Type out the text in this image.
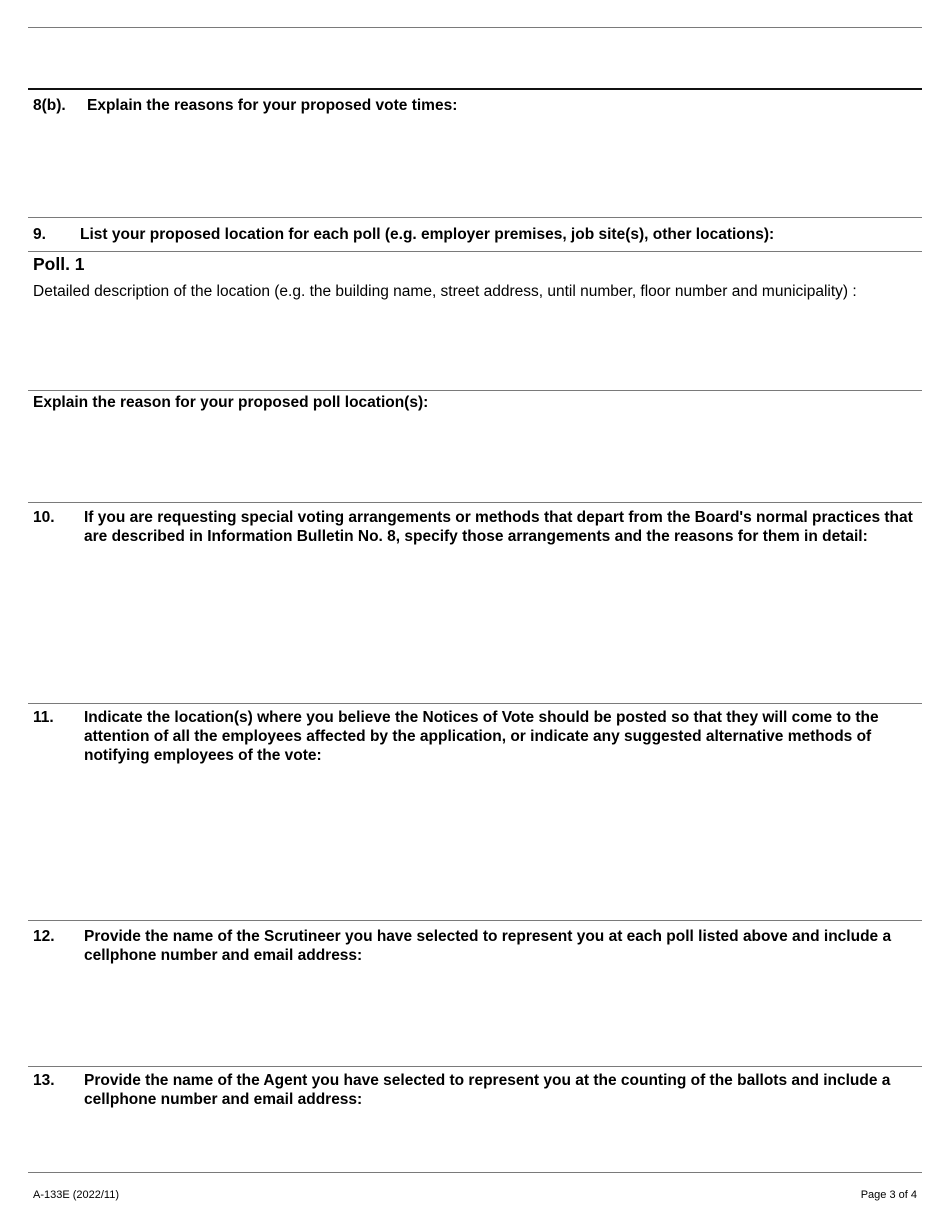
8(b).	Explain the reasons for your proposed vote times:
9.	List your proposed location for each poll (e.g. employer premises, job site(s), other locations):
Poll. 1
Detailed description of the location (e.g. the building name, street address, until number, floor number and municipality) :
Explain the reason for your proposed poll location(s):
10.	If you are requesting special voting arrangements or methods that depart from the Board's normal practices that are described in Information Bulletin No. 8, specify those arrangements and the reasons for them in detail:
11.	Indicate the location(s) where you believe the Notices of Vote should be posted so that they will come to the attention of all the employees affected by the application, or indicate any suggested alternative methods of notifying employees of the vote:
12.	Provide the name of the Scrutineer you have selected to represent you at each poll listed above and include a cellphone number and email address:
13.	Provide the name of the Agent you have selected to represent you at the counting of the ballots and include a cellphone number and email address:
A-133E (2022/11)	Page 3 of 4
